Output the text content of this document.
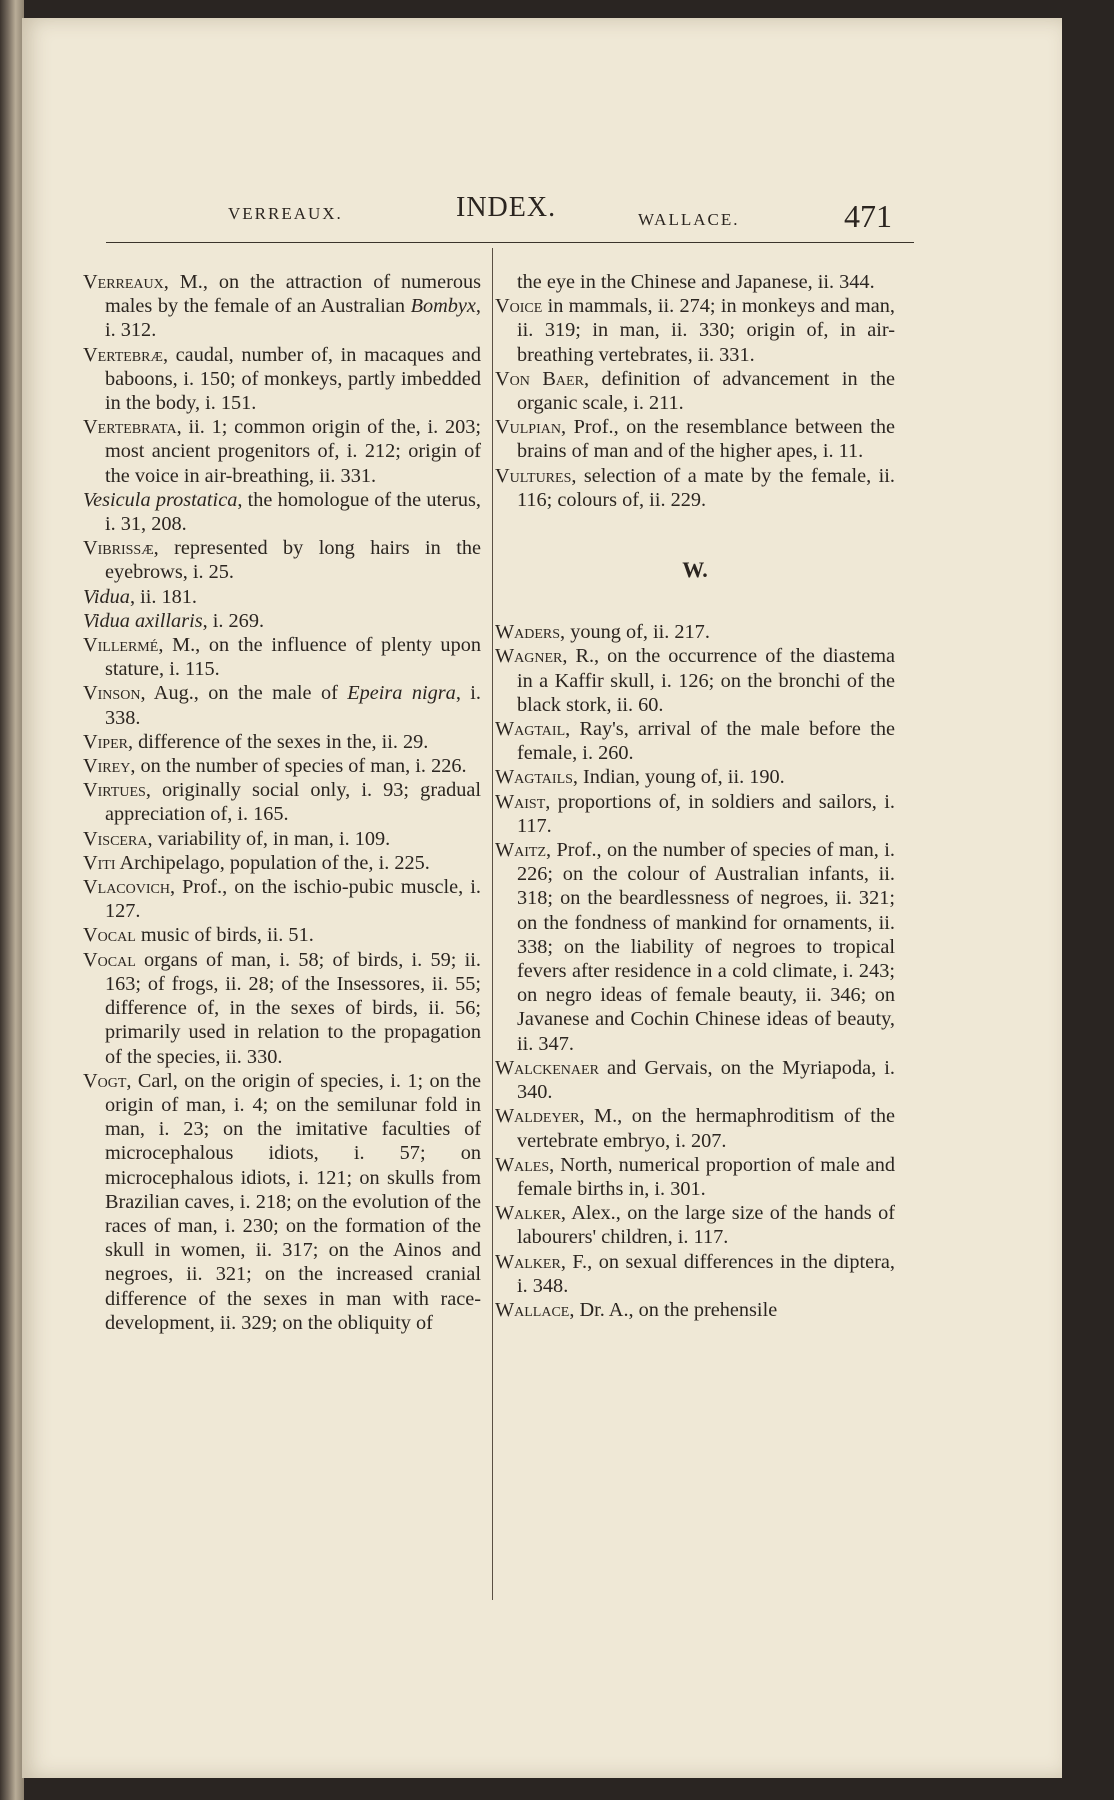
VERREAUX.	INDEX.	WALLACE.	471

Verreaux, M., on the attraction of numerous males by the female of an Australian Bombyx, i. 312.

Vertebræ, caudal, number of, in macaques and baboons, i. 150; of monkeys, partly imbedded in the body, i. 151.

Vertebrata, ii. 1; common origin of the, i. 203; most ancient progenitors of, i. 212; origin of the voice in air-breathing, ii. 331.

Vesicula prostatica, the homologue of the uterus, i. 31, 208.

Vibrissæ, represented by long hairs in the eyebrows, i. 25.

Vidua, ii. 181.

Vidua axillaris, i. 269.

Villermé, M., on the influence of plenty upon stature, i. 115.

Vinson, Aug., on the male of Epeira nigra, i. 338.

Viper, difference of the sexes in the, ii. 29.

Virey, on the number of species of man, i. 226.

Virtues, originally social only, i. 93; gradual appreciation of, i. 165.

Viscera, variability of, in man, i. 109.

Viti Archipelago, population of the, i. 225.

Vlacovich, Prof., on the ischio-pubic muscle, i. 127.

Vocal music of birds, ii. 51.

Vocal organs of man, i. 58; of birds, i. 59; ii. 163; of frogs, ii. 28; of the Insessores, ii. 55; difference of, in the sexes of birds, ii. 56; primarily used in relation to the propagation of the species, ii. 330.

Vogt, Carl, on the origin of species, i. 1; on the origin of man, i. 4; on the semilunar fold in man, i. 23; on the imitative faculties of microcephalous idiots, i. 57; on microcephalous idiots, i. 121; on skulls from Brazilian caves, i. 218; on the evolution of the races of man, i. 230; on the formation of the skull in women, ii. 317; on the Ainos and negroes, ii. 321; on the increased cranial difference of the sexes in man with race-development, ii. 329; on the obliquity of

the eye in the Chinese and Japanese, ii. 344.

Voice in mammals, ii. 274; in monkeys and man, ii. 319; in man, ii. 330; origin of, in air-breathing vertebrates, ii. 331.

Von Baer, definition of advancement in the organic scale, i. 211.

Vulpian, Prof., on the resemblance between the brains of man and of the higher apes, i. 11.

Vultures, selection of a mate by the female, ii. 116; colours of, ii. 229.

W.

Waders, young of, ii. 217.

Wagner, R., on the occurrence of the diastema in a Kaffir skull, i. 126; on the bronchi of the black stork, ii. 60.

Wagtail, Ray's, arrival of the male before the female, i. 260.

Wagtails, Indian, young of, ii. 190.

Waist, proportions of, in soldiers and sailors, i. 117.

Waitz, Prof., on the number of species of man, i. 226; on the colour of Australian infants, ii. 318; on the beardlessness of negroes, ii. 321; on the fondness of mankind for ornaments, ii. 338; on the liability of negroes to tropical fevers after residence in a cold climate, i. 243; on negro ideas of female beauty, ii. 346; on Javanese and Cochin Chinese ideas of beauty, ii. 347.

Walckenaer and Gervais, on the Myriapoda, i. 340.

Waldeyer, M., on the hermaphroditism of the vertebrate embryo, i. 207.

Wales, North, numerical proportion of male and female births in, i. 301.

Walker, Alex., on the large size of the hands of labourers' children, i. 117.

Walker, F., on sexual differences in the diptera, i. 348.

Wallace, Dr. A., on the prehensile
